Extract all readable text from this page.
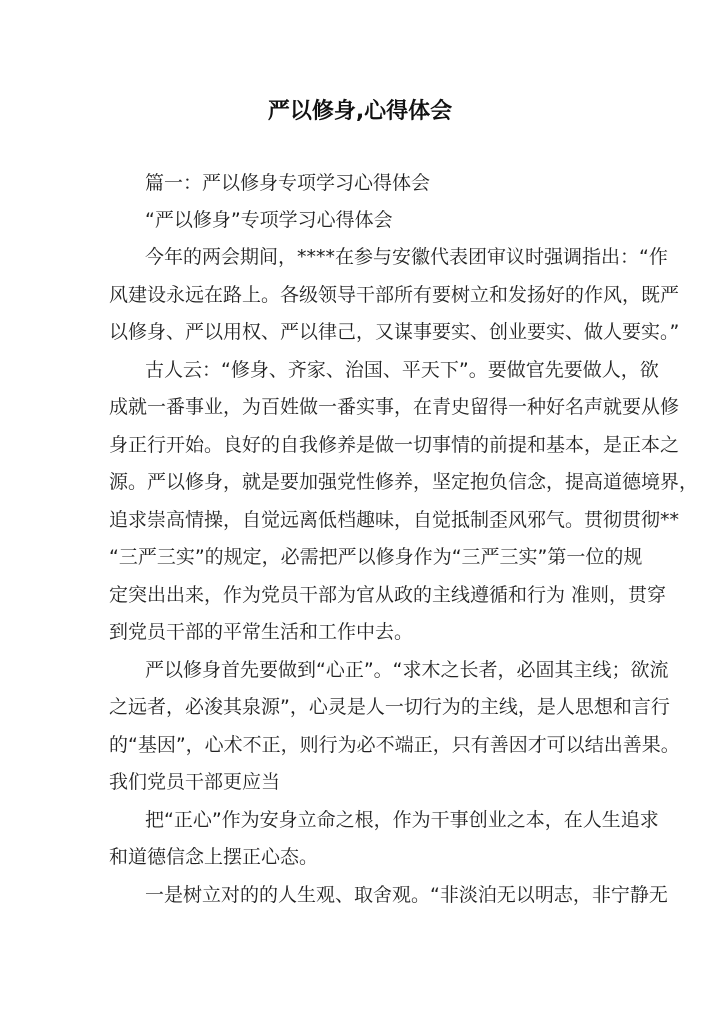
严以修身,心得体会
篇一：严以修身专项学习心得体会
“严以修身”专项学习心得体会
今年的两会期间，****在参与安徽代表团审议时强调指出：“作
风建设永远在路上。各级领导干部所有要树立和发扬好的作风，既严
以修身、严以用权、严以律己，又谋事要实、创业要实、做人要实。”
古人云：“修身、齐家、治国、平天下”。要做官先要做人，欲
成就一番事业，为百姓做一番实事，在青史留得一种好名声就要从修
身正行开始。良好的自我修养是做一切事情的前提和基本，是正本之
源。严以修身，就是要加强党性修养，坚定抱负信念，提高道德境界，
追求崇高情操，自觉远离低档趣味，自觉抵制歪风邪气。贯彻贯彻**
“三严三实”的规定，必需把严以修身作为“三严三实”第一位的规
定突出出来，作为党员干部为官从政的主线遵循和行为 准则，贯穿
到党员干部的平常生活和工作中去。
严以修身首先要做到“心正”。“求木之长者，必固其主线；欲流
之远者，必浚其泉源”，心灵是人一切行为的主线，是人思想和言行
的“基因”，心术不正，则行为必不端正，只有善因才可以结出善果。
我们党员干部更应当
把“正心”作为安身立命之根，作为干事创业之本，在人生追求
和道德信念上摆正心态。
一是树立对的的人生观、取舍观。“非淡泊无以明志，非宁静无
